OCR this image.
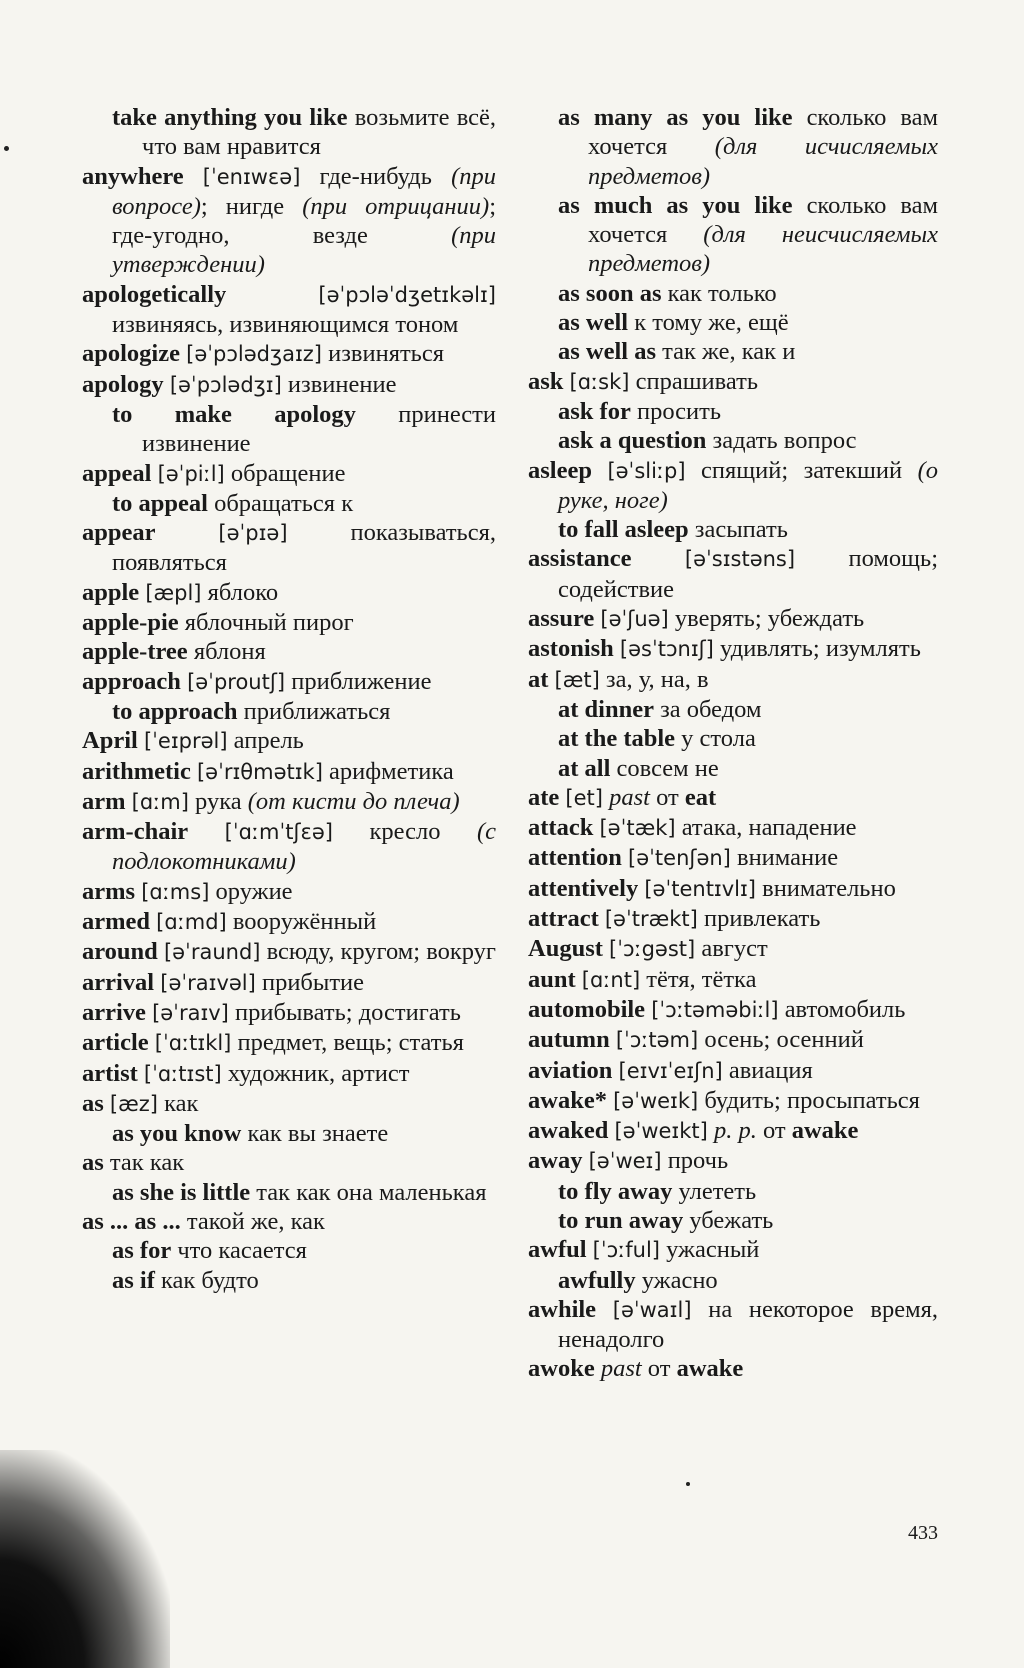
take anything you like возьмите всё, что вам нравится
anywhere [ˈenɪwɛə] где-нибудь (при вопросе); нигде (при отрицании); где-угодно, везде	(при утверждении)
apologetically	[əˈpɔləˈdʒetɪkəlɪ] извиняясь, извиняющимся тоном
apologize [əˈpɔlədʒaɪz] извиняться
apology [əˈpɔlədʒɪ] извинение
to make apology принести извинение
appeal [əˈpiːl] обращение
to appeal обращаться к
appear	[əˈpɪə]	показываться, появляться
apple [æpl] яблоко
apple-pie яблочный пирог
apple-tree яблоня
approach [əˈproutʃ] приближение
to approach приближаться
April [ˈeɪprəl] апрель
arithmetic [əˈrɪθmətɪk] арифметика
arm [ɑːm] рука (от кисти до плеча)
arm-chair [ˈɑːmˈtʃɛə] кресло (с подлокотниками)
arms [ɑːms] оружие
armed [ɑːmd] вооружённый
around [əˈraund] всюду, кругом; вокруг
arrival [əˈraɪvəl] прибытие
arrive [əˈraɪv] прибывать; достигать
article [ˈɑːtɪkl] предмет, вещь; статья
artist [ˈɑːtɪst] художник, артист
as [æz] как
as you know как вы знаете
as так как
as she is little так как она маленькая
as ... as ... такой же, как
as for что касается
as if как будто
as many as you like сколько вам хочется (для исчисляемых предметов)
as much as you like сколько вам хочется (для неисчисляемых предметов)
as soon as как только
as well к тому же, ещё
as well as так же, как и
ask [ɑːsk] спрашивать
ask for просить
ask a question задать вопрос
asleep [əˈsliːp] спящий; затекший (о руке, ноге)
to fall asleep засыпать
assistance	[əˈsɪstəns] помощь; содействие
assure [əˈʃuə] уверять; убеждать
astonish [əsˈtɔnɪʃ] удивлять; изумлять
at [æt] за, у, на, в
at dinner за обедом
at the table у стола
at all совсем не
ate [et] past от eat
attack [əˈtæk] атака, нападение
attention [əˈtenʃən] внимание
attentively [əˈtentɪvlɪ] внимательно
attract [əˈtrækt] привлекать
August [ˈɔːgəst] август
aunt [ɑːnt] тётя, тётка
automobile [ˈɔːtəməbiːl] автомобиль
autumn [ˈɔːtəm] осень; осенний
aviation [eɪvɪˈeɪʃn] авиация
awake* [əˈweɪk] будить; просыпаться
awaked [əˈweɪkt] p. p. от awake
away [əˈweɪ] прочь
to fly away улететь
to run away убежать
awful [ˈɔːful] ужасный
awfully ужасно
awhile [əˈwaɪl] на некоторое время, ненадолго
awoke past от awake
433
